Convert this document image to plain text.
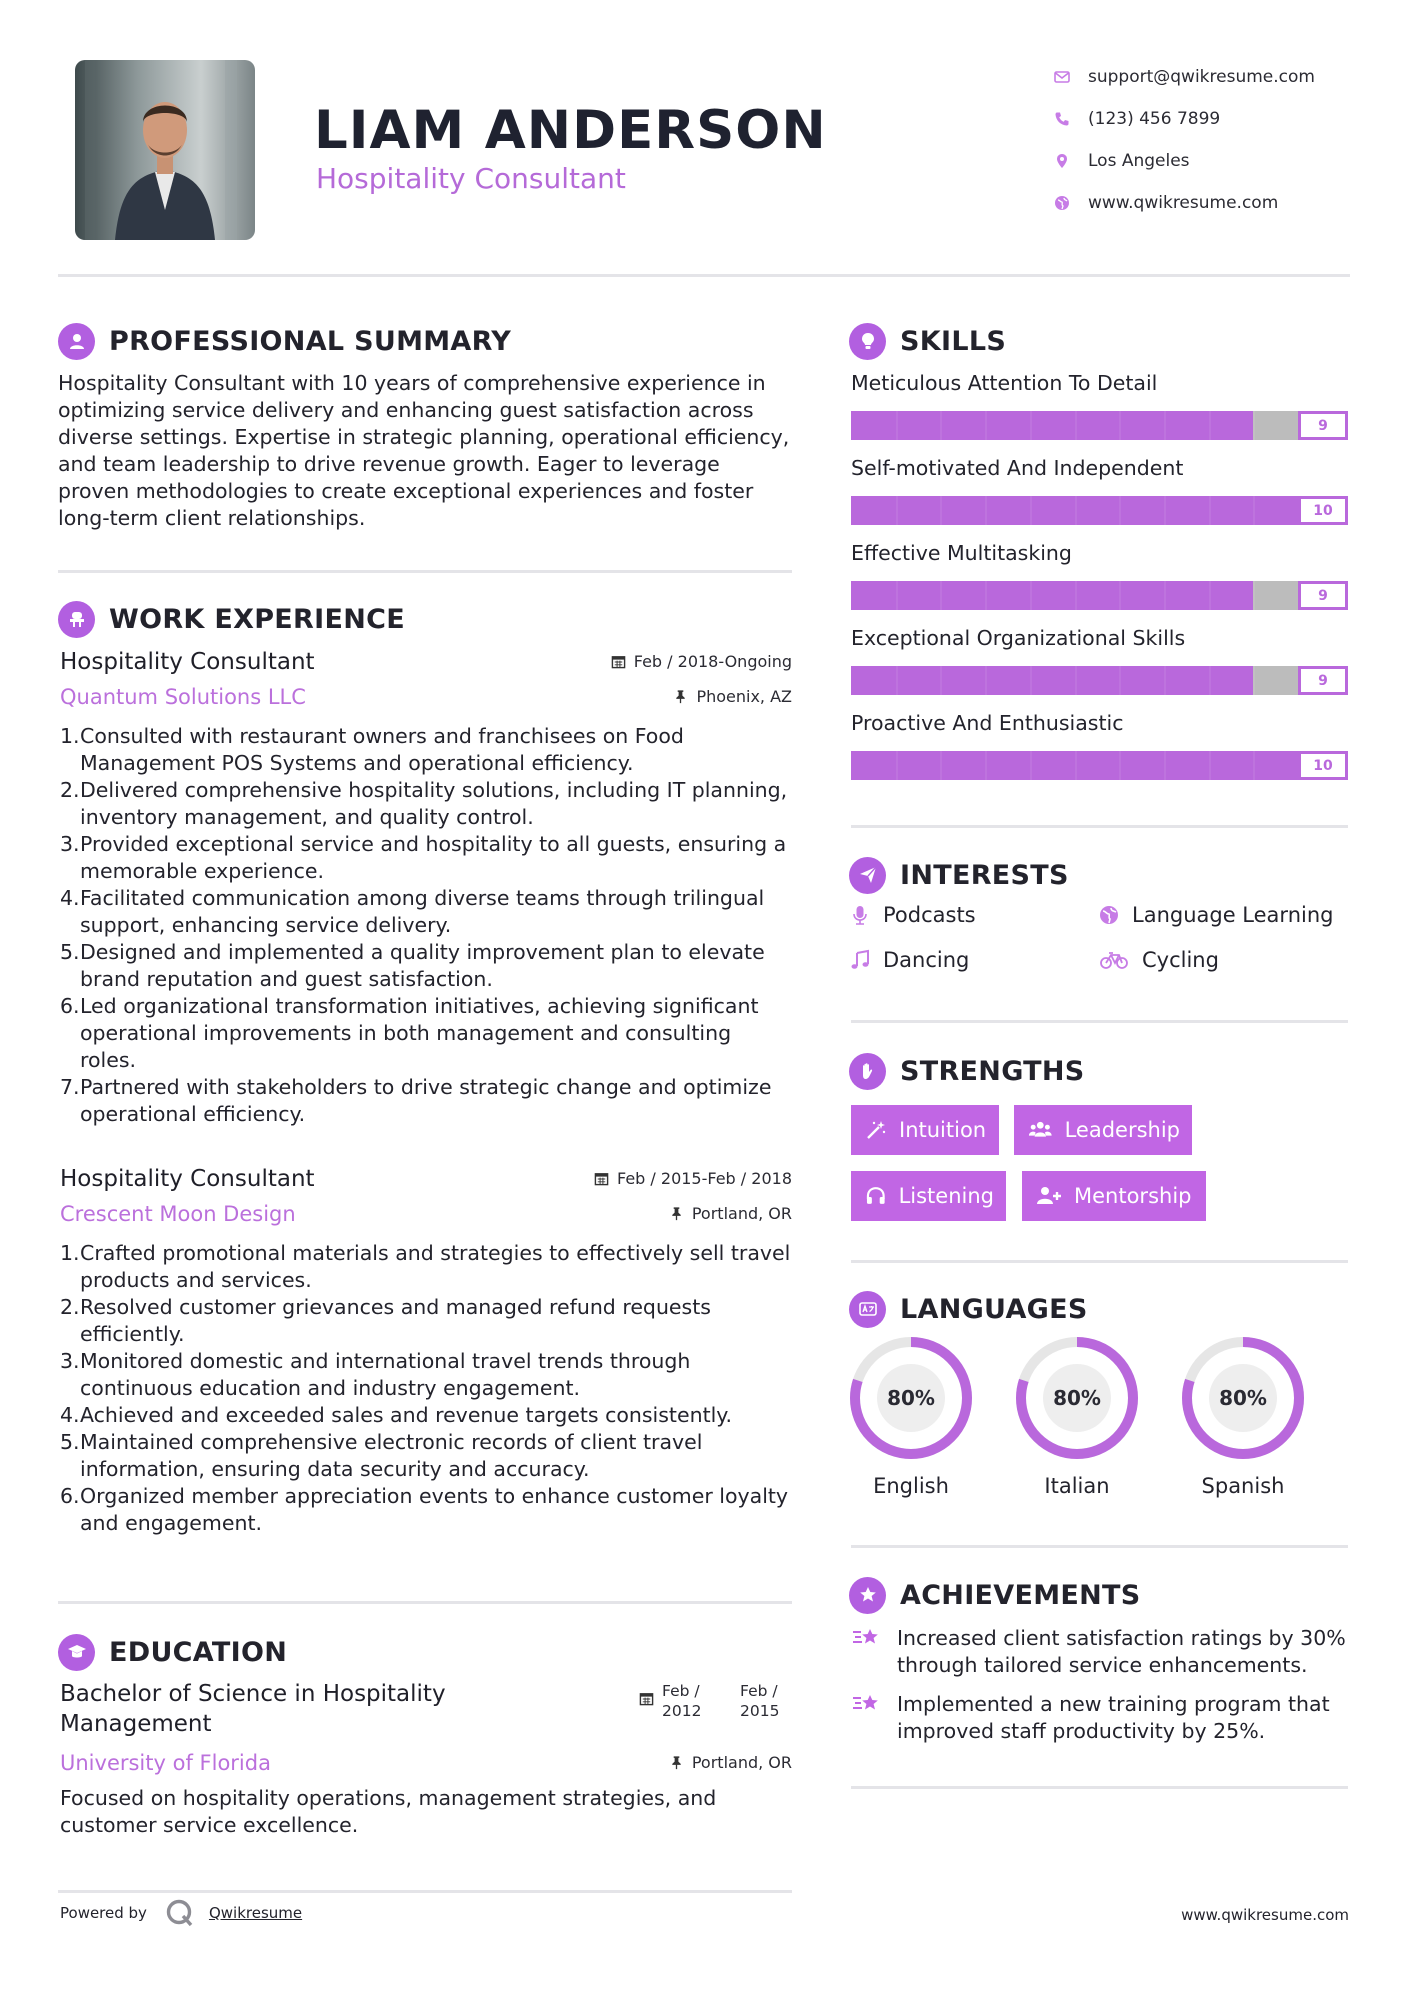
LIAM ANDERSON
Hospitality Consultant
support@qwikresume.com
(123) 456 7899
Los Angeles
www.qwikresume.com
PROFESSIONAL SUMMARY
Hospitality Consultant with 10 years of comprehensive experience in optimizing service delivery and enhancing guest satisfaction across diverse settings. Expertise in strategic planning, operational efficiency, and team leadership to drive revenue growth. Eager to leverage proven methodologies to create exceptional experiences and foster long-term client relationships.
WORK EXPERIENCE
Hospitality Consultant	Feb / 2018-Ongoing
Quantum Solutions LLC	Phoenix, AZ
1. Consulted with restaurant owners and franchisees on Food Management POS Systems and operational efficiency.
2. Delivered comprehensive hospitality solutions, including IT planning, inventory management, and quality control.
3. Provided exceptional service and hospitality to all guests, ensuring a memorable experience.
4. Facilitated communication among diverse teams through trilingual support, enhancing service delivery.
5. Designed and implemented a quality improvement plan to elevate brand reputation and guest satisfaction.
6. Led organizational transformation initiatives, achieving significant operational improvements in both management and consulting roles.
7. Partnered with stakeholders to drive strategic change and optimize operational efficiency.
Hospitality Consultant	Feb / 2015-Feb / 2018
Crescent Moon Design	Portland, OR
1. Crafted promotional materials and strategies to effectively sell travel products and services.
2. Resolved customer grievances and managed refund requests efficiently.
3. Monitored domestic and international travel trends through continuous education and industry engagement.
4. Achieved and exceeded sales and revenue targets consistently.
5. Maintained comprehensive electronic records of client travel information, ensuring data security and accuracy.
6. Organized member appreciation events to enhance customer loyalty and engagement.
EDUCATION
Bachelor of Science in Hospitality Management
Feb / 2012
Feb / 2015
University of Florida	Portland, OR
Focused on hospitality operations, management strategies, and customer service excellence.
SKILLS
Meticulous Attention To Detail
9
Self-motivated And Independent
10
Effective Multitasking
9
Exceptional Organizational Skills
9
Proactive And Enthusiastic
10
INTERESTS
Podcasts	Language Learning
Dancing	Cycling
STRENGTHS
Intuition	Leadership
Listening	Mentorship
LANGUAGES
80%
English
80%
Italian
80%
Spanish
ACHIEVEMENTS
Increased client satisfaction ratings by 30% through tailored service enhancements.
Implemented a new training program that improved staff productivity by 25%.
Powered by	Qwikresume	www.qwikresume.com
